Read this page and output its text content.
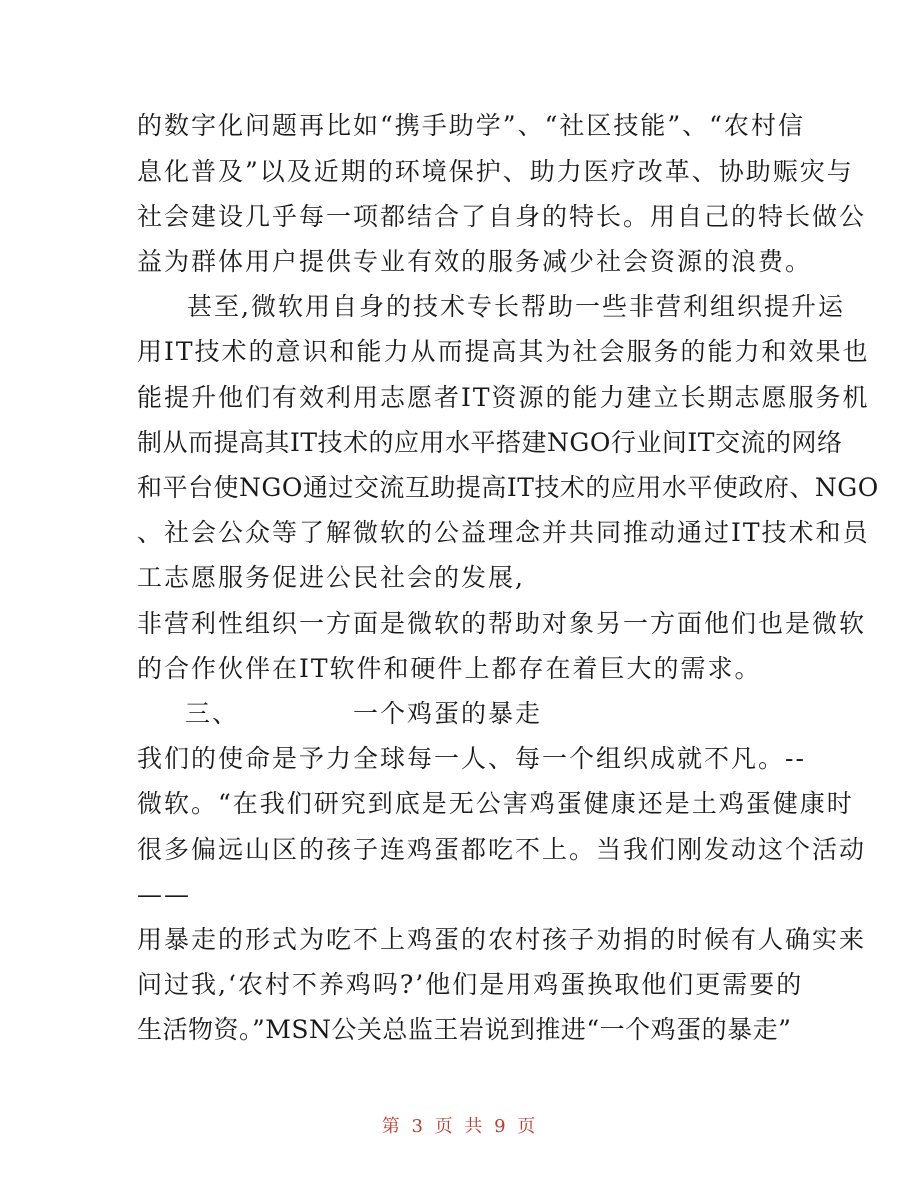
的数字化问题再比如“携手助学”、“社区技能”、“农村信
息化普及”以及近期的环境保护、助力医疗改革、协助赈灾与
社会建设几乎每一项都结合了自身的特长。用自己的特长做公
益为群体用户提供专业有效的服务减少社会资源的浪费。
甚至,微软用自身的技术专长帮助一些非营利组织提升运
用IT技术的意识和能力从而提高其为社会服务的能力和效果也
能提升他们有效利用志愿者IT资源的能力建立长期志愿服务机
制从而提高其IT技术的应用水平搭建NGO行业间IT交流的网络
和平台使NGO通过交流互助提高IT技术的应用水平使政府、NGO
、社会公众等了解微软的公益理念并共同推动通过IT技术和员
工志愿服务促进公民社会的发展,
非营利性组织一方面是微软的帮助对象另一方面他们也是微软
的合作伙伴在IT软件和硬件上都存在着巨大的需求。
三、	一个鸡蛋的暴走
我们的使命是予力全球每一人、每一个组织成就不凡。--
微软。“在我们研究到底是无公害鸡蛋健康还是土鸡蛋健康时
很多偏远山区的孩子连鸡蛋都吃不上。当我们刚发动这个活动
——
用暴走的形式为吃不上鸡蛋的农村孩子劝捐的时候有人确实来
问过我,‘农村不养鸡吗?’他们是用鸡蛋换取他们更需要的
生活物资。”MSN公关总监王岩说到推进“一个鸡蛋的暴走”
第 3 页 共 9 页
